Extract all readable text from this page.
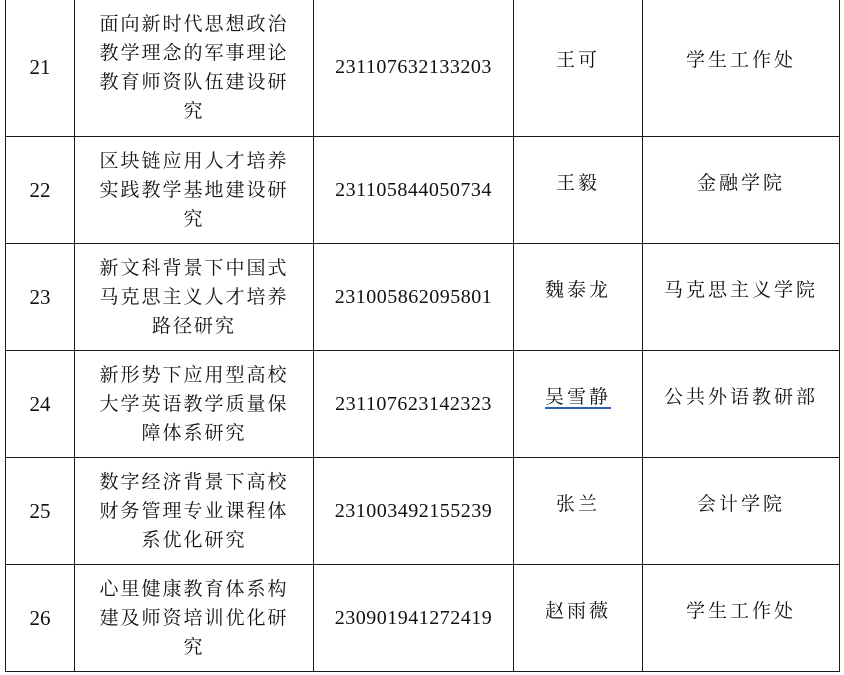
21	面向新时代思想政治
教学理念的军事理论
教育师资队伍建设研
究	231107632133203	王可	学生工作处

22	区块链应用人才培养
实践教学基地建设研
究	231105844050734	王毅	金融学院

23	新文科背景下中国式
马克思主义人才培养
路径研究	231005862095801	魏泰龙	马克思主义学院

24	新形势下应用型高校
大学英语教学质量保
障体系研究	231107623142323	吴雪静	公共外语教研部

25	数字经济背景下高校
财务管理专业课程体
系优化研究	231003492155239	张兰	会计学院

26	心里健康教育体系构
建及师资培训优化研
究	230901941272419	赵雨薇	学生工作处
